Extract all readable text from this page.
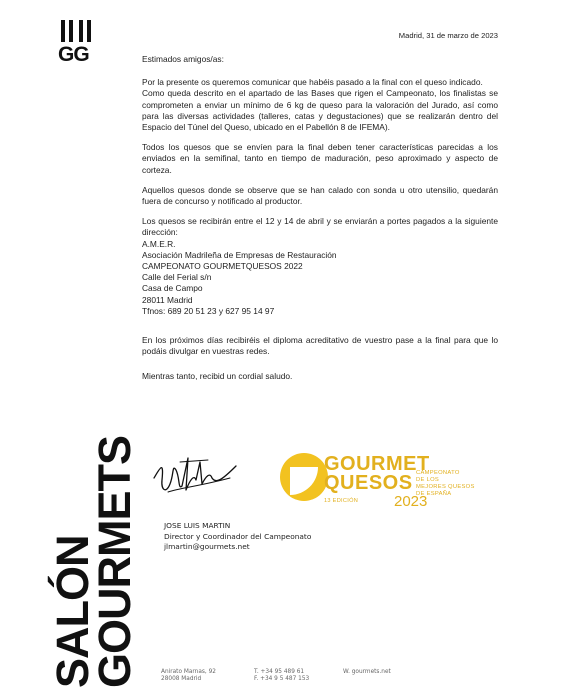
GG
SALÓN
GOURMETS
Madrid, 31 de marzo de 2023

Estimados amigos/as:

Por la presente os queremos comunicar que habéis pasado a la final con el queso indicado.

Como queda descrito en el apartado de las Bases que rigen el Campeonato, los finalistas se comprometen a enviar un mínimo de 6 kg de queso para la valoración del Jurado, así como para las diversas actividades (talleres, catas y degustaciones) que se realizarán dentro del Espacio del Túnel del Queso, ubicado en el Pabellón 8 de IFEMA).

Todos los quesos que se envíen para la final deben tener características parecidas a los enviados en la semifinal, tanto en tiempo de maduración, peso aproximado y aspecto de corteza.

Aquellos quesos donde se observe que se han calado con sonda u otro utensilio, quedarán fuera de concurso y notificado al productor.

Los quesos se recibirán entre el 12 y 14 de abril y se enviarán a portes pagados a la siguiente dirección:

A.M.E.R.
Asociación Madrileña de Empresas de Restauración
CAMPEONATO GOURMETQUESOS 2022
Calle del Ferial s/n
Casa de Campo
28011 Madrid
Tfnos: 689 20 51 23 y 627 95 14 97

En los próximos días recibiréis el diploma acreditativo de vuestro pase a la final para que lo podáis divulgar en vuestras redes.

Mientras tanto, recibid un cordial saludo.

JOSE LUIS MARTIN
Director y Coordinador del Campeonato
jlmartin@gourmets.net
GOURMET
QUESOS
13 EDICIÓN 2023
CAMPEONATO
DE LOS
MEJORES QUESOS
DE ESPAÑA
Anirato Marnas, 92
28008 Madrid
T. +34 95 489 61
F. +34 9 5 487 153
W. gourmets.net
